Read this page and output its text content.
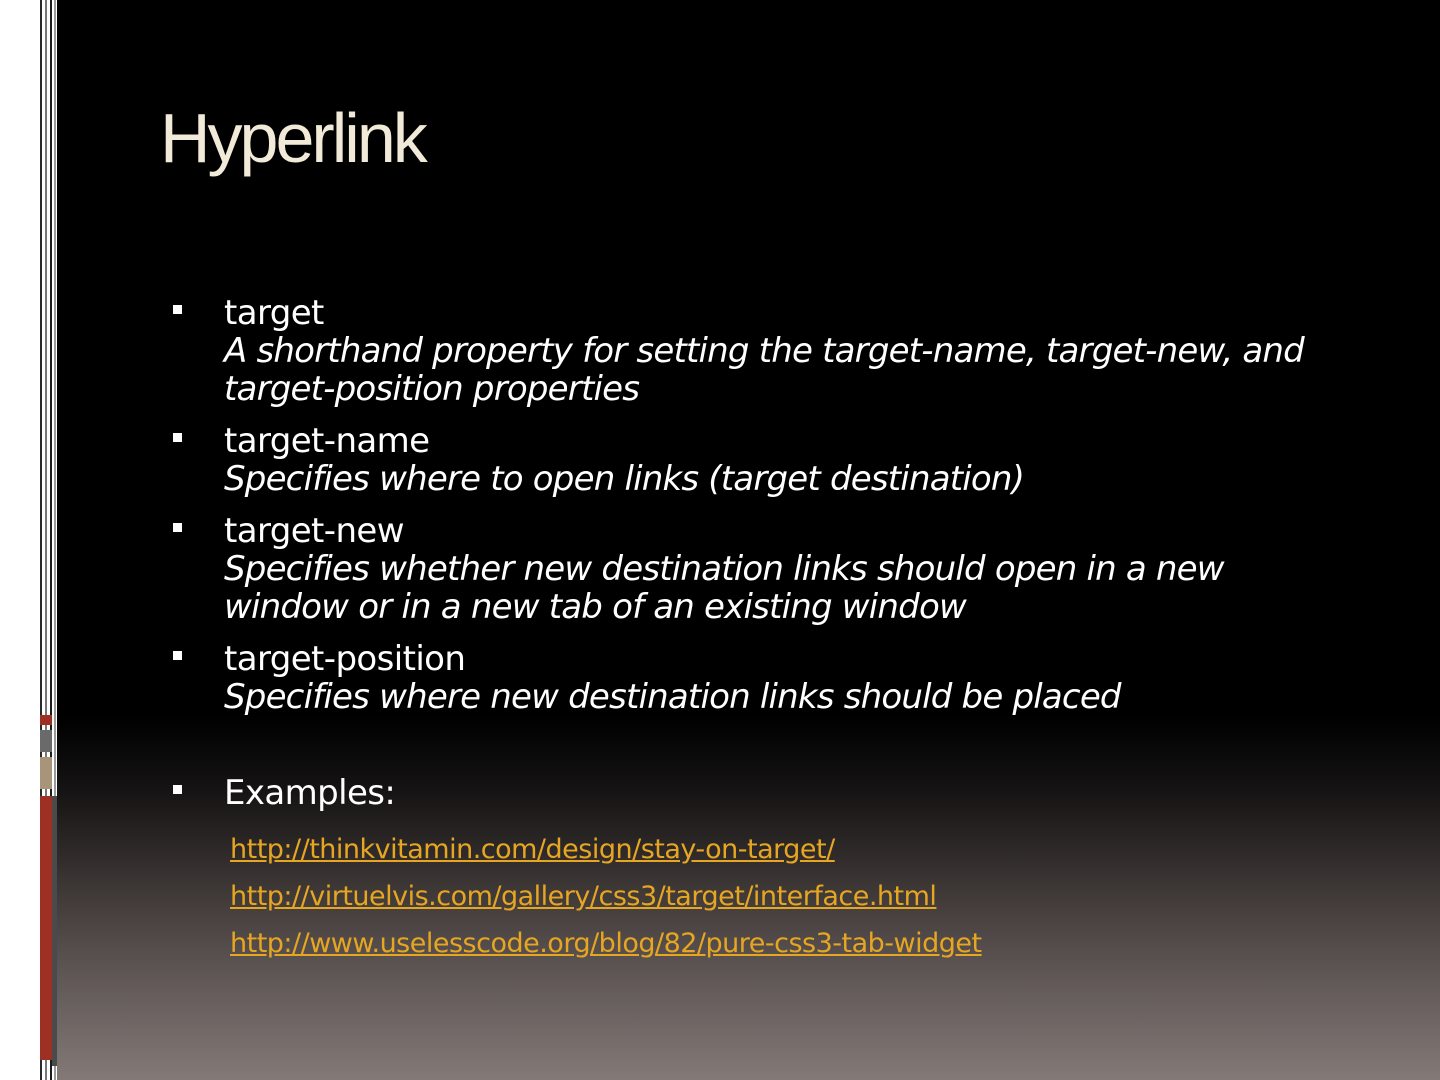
Hyperlink
target
A shorthand property for setting the target-name, target-new, and target-position properties
target-name
Specifies where to open links (target destination)
target-new
Specifies whether new destination links should open in a new window or in a new tab of an existing window
target-position
Specifies where new destination links should be placed
Examples:
http://thinkvitamin.com/design/stay-on-target/
http://virtuelvis.com/gallery/css3/target/interface.html
http://www.uselesscode.org/blog/82/pure-css3-tab-widget
